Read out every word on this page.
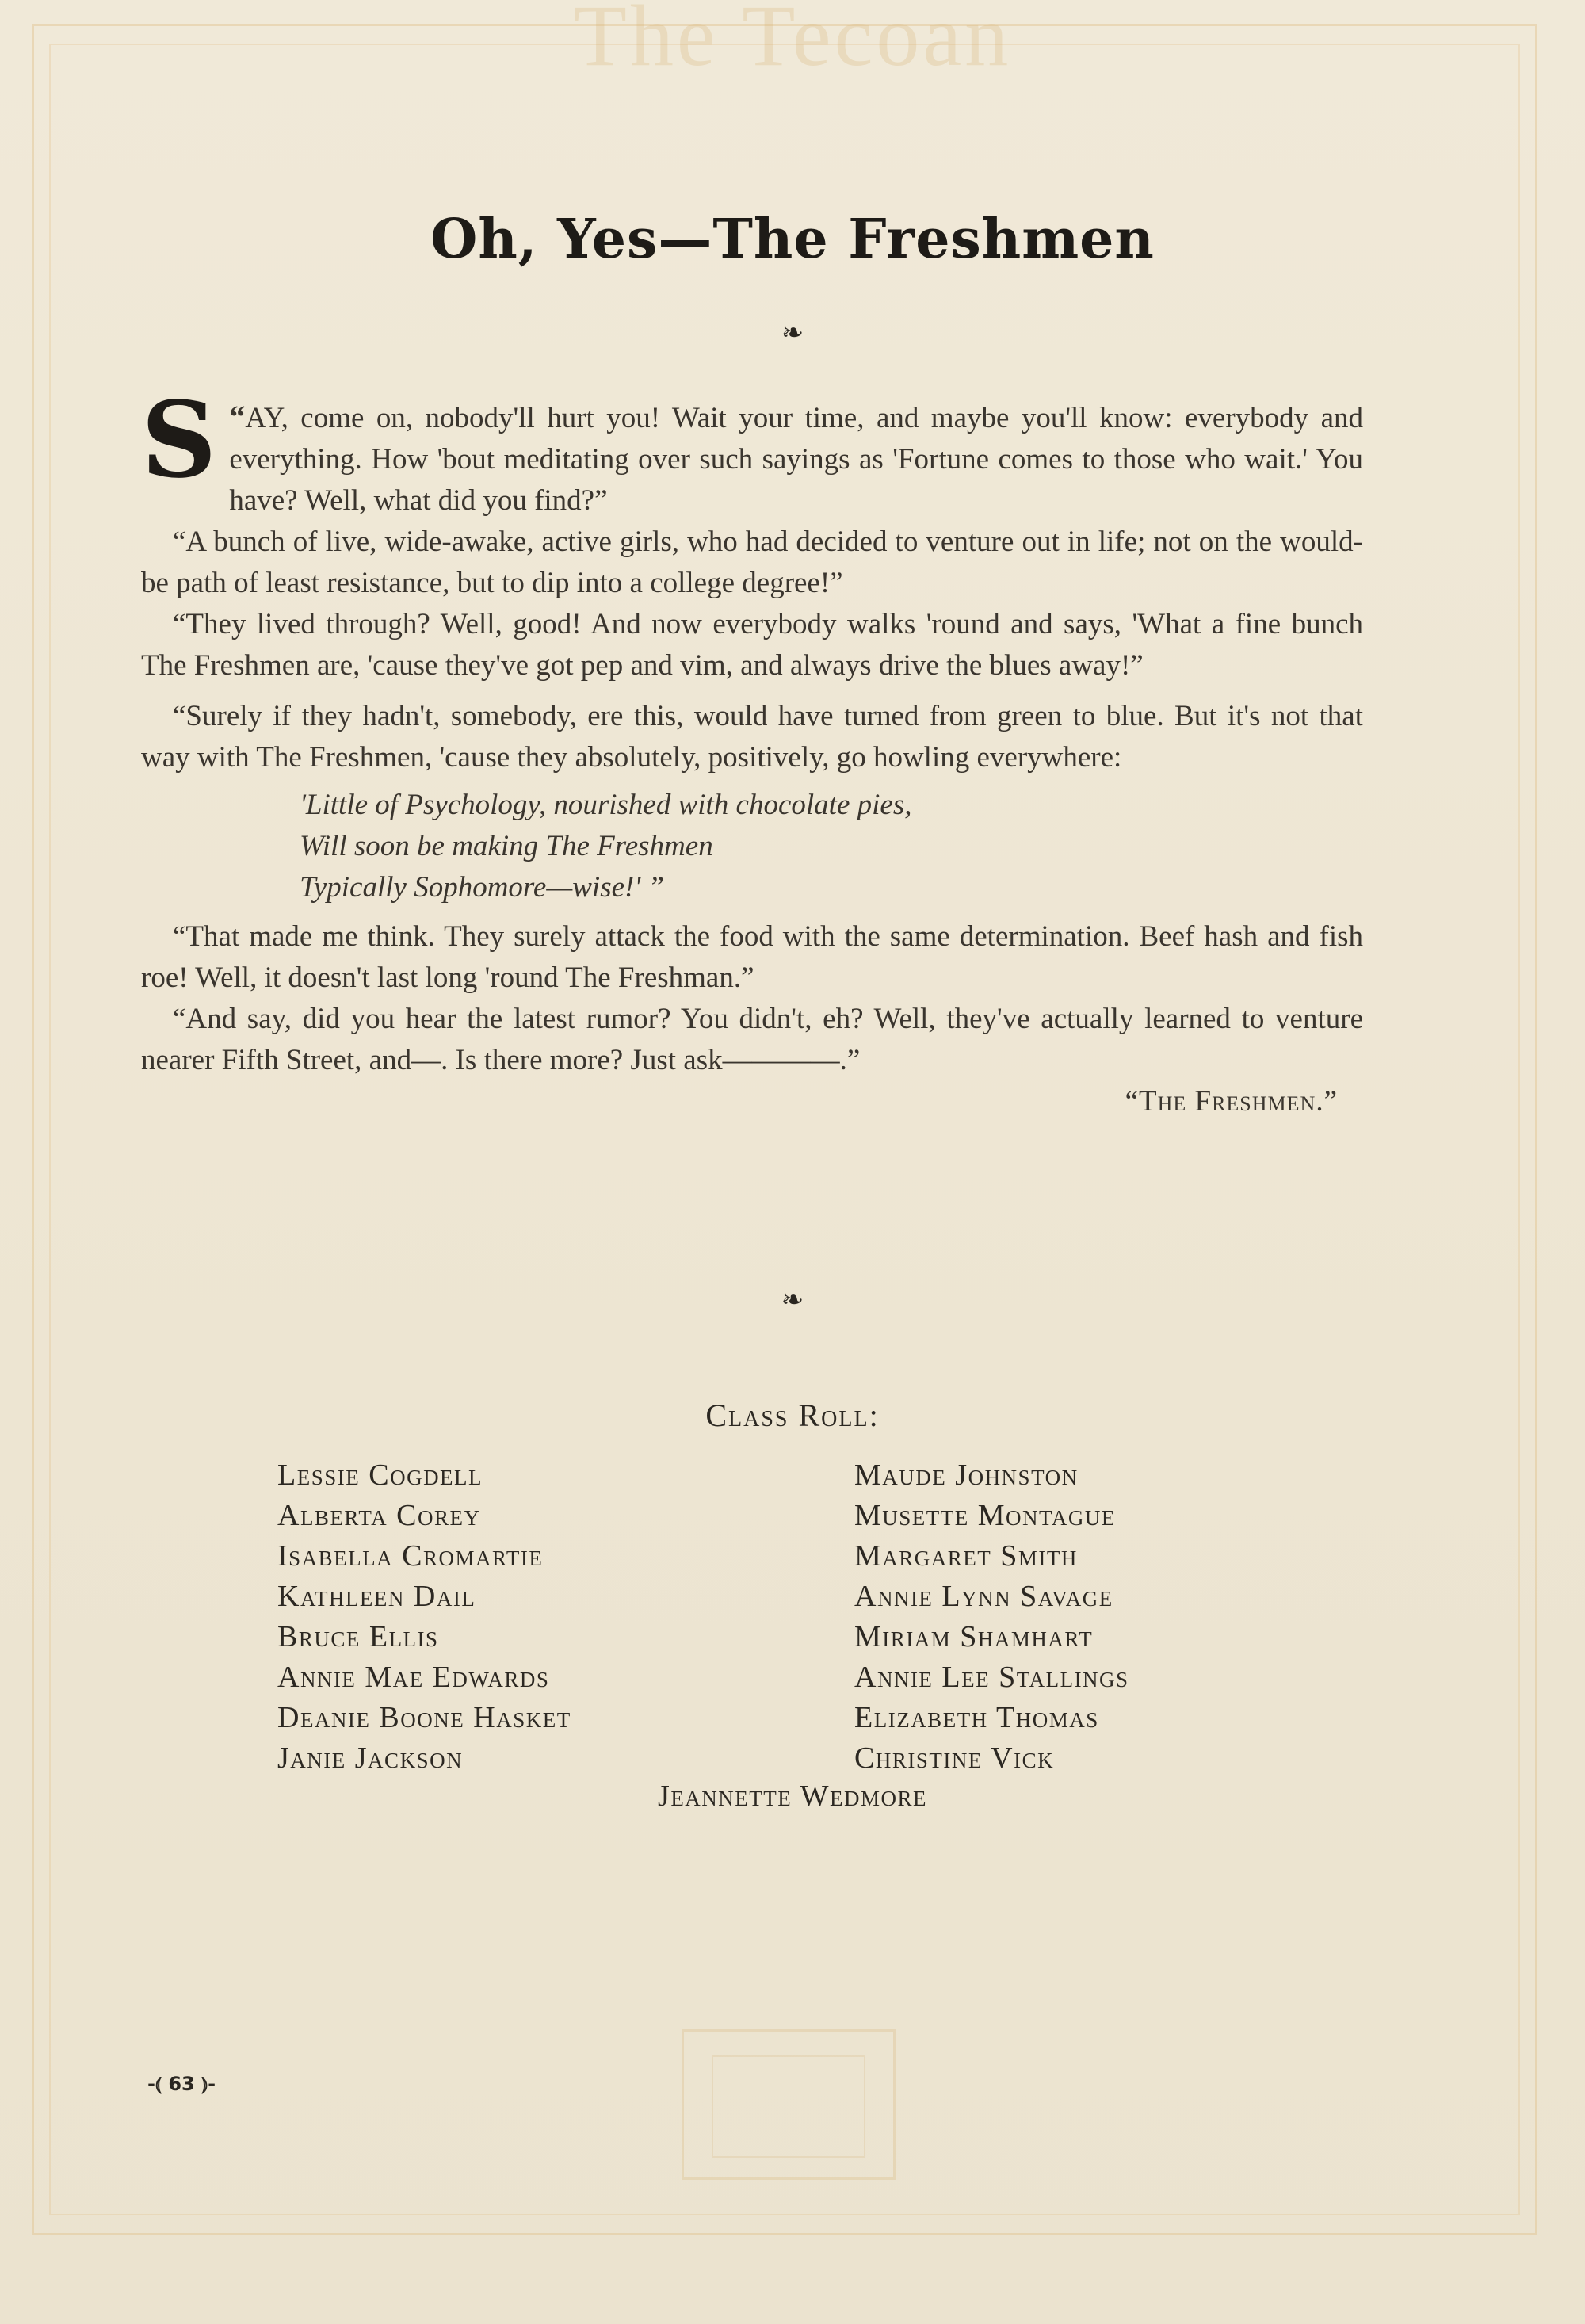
The Tecoan
Oh, Yes—The Freshmen
❧

“
S AY, come on, nobody'll hurt you! Wait your time, and maybe you'll know: everybody and everything. How 'bout meditating over such sayings as 'Fortune comes to those who wait.' You have? Well, what did you find?”

“A bunch of live, wide-awake, active girls, who had decided to venture out in life; not on the would-be path of least resistance, but to dip into a college degree!”

“They lived through? Well, good! And now everybody walks 'round and says, 'What a fine bunch The Freshmen are, 'cause they've got pep and vim, and always drive the blues away!”

“Surely if they hadn't, somebody, ere this, would have turned from green to blue. But it's not that way with The Freshmen, 'cause they absolutely, positively, go howling everywhere:

'Little of Psychology, nourished with chocolate pies,
Will soon be making The Freshmen
Typically Sophomore—wise!' ”

“That made me think. They surely attack the food with the same determination. Beef hash and fish roe! Well, it doesn't last long 'round The Freshman.”

“And say, did you hear the latest rumor? You didn't, eh? Well, they've actually learned to venture nearer Fifth Street, and—. Is there more? Just ask————.”

“The Freshmen.”
❧
Class Roll:
Lessie Cogdell	Maude Johnston
Alberta Corey	Musette Montague
Isabella Cromartie	Margaret Smith
Kathleen Dail	Annie Lynn Savage
Bruce Ellis	Miriam Shamhart
Annie Mae Edwards	Annie Lee Stallings
Deanie Boone Hasket	Elizabeth Thomas
Janie Jackson	Christine Vick
Jeannette Wedmore
-⦅ 63 ⦆-
